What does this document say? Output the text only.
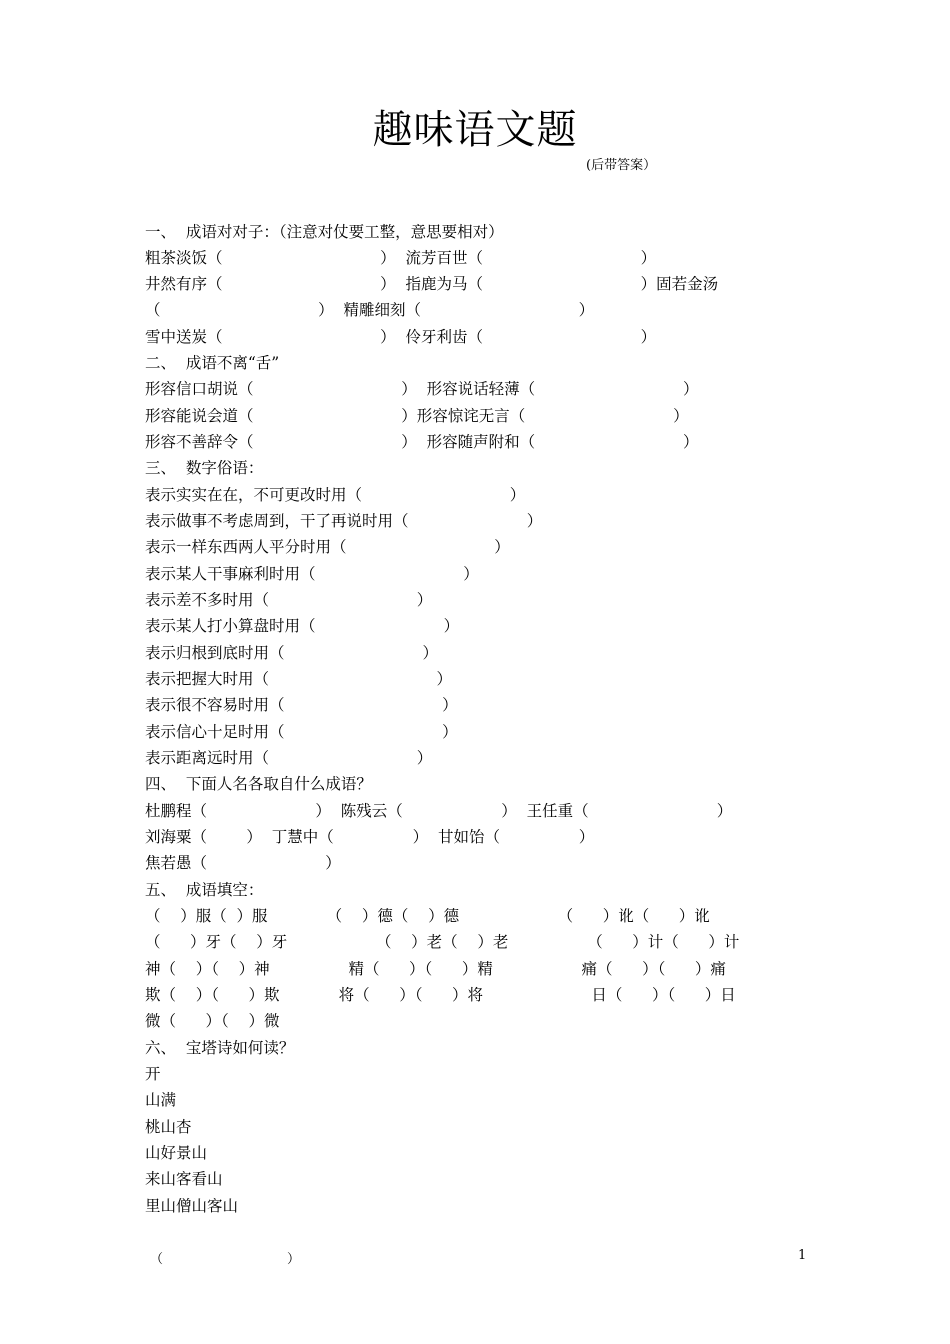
趣味语文题
(后带答案）
一、  成语对对子：（注意对仗要工整，意思要相对）
粗茶淡饭（                                ）  流芳百世（                                ）
井然有序（                                ）  指鹿为马（                                ）固若金汤
（                                ）  精雕细刻（                                ）
雪中送炭（                                ）  伶牙利齿（                                ）
二、  成语不离“舌”
形容信口胡说（                              ）  形容说话轻薄（                              ）
形容能说会道（                              ）形容惊诧无言（                              ）
形容不善辞令（                              ）  形容随声附和（                              ）
三、  数字俗语：
表示实实在在，不可更改时用（                              ）
表示做事不考虑周到，干了再说时用（                        ）
表示一样东西两人平分时用（                              ）
表示某人干事麻利时用（                              ）
表示差不多时用（                              ）
表示某人打小算盘时用（                          ）
表示归根到底时用（                            ）
表示把握大时用（                                  ）
表示很不容易时用（                                ）
表示信心十足时用（                                ）
表示距离远时用（                              ）
四、  下面人名各取自什么成语？
杜鹏程（                      ）  陈残云（                    ）  王任重（                          ）
刘海粟（        ）  丁慧中（                ）  甘如饴（                ）
焦若愚（                        ）
五、  成语填空：
（    ）服（  ）服            （    ）德（    ）德                    （      ）讹（      ）讹
（      ）牙（    ）牙                  （    ）老（    ）老                （      ）计（      ）计
神（    ）（    ）神                精（      ）（      ）精                  痛（      ）（      ）痛
欺（    ）（      ）欺            将（      ）（      ）将                      日（      ）（      ）日
微（      ）（    ）微
六、  宝塔诗如何读？
开
山满
桃山杏
山好景山
来山客看山
里山僧山客山
（                              ）	1
